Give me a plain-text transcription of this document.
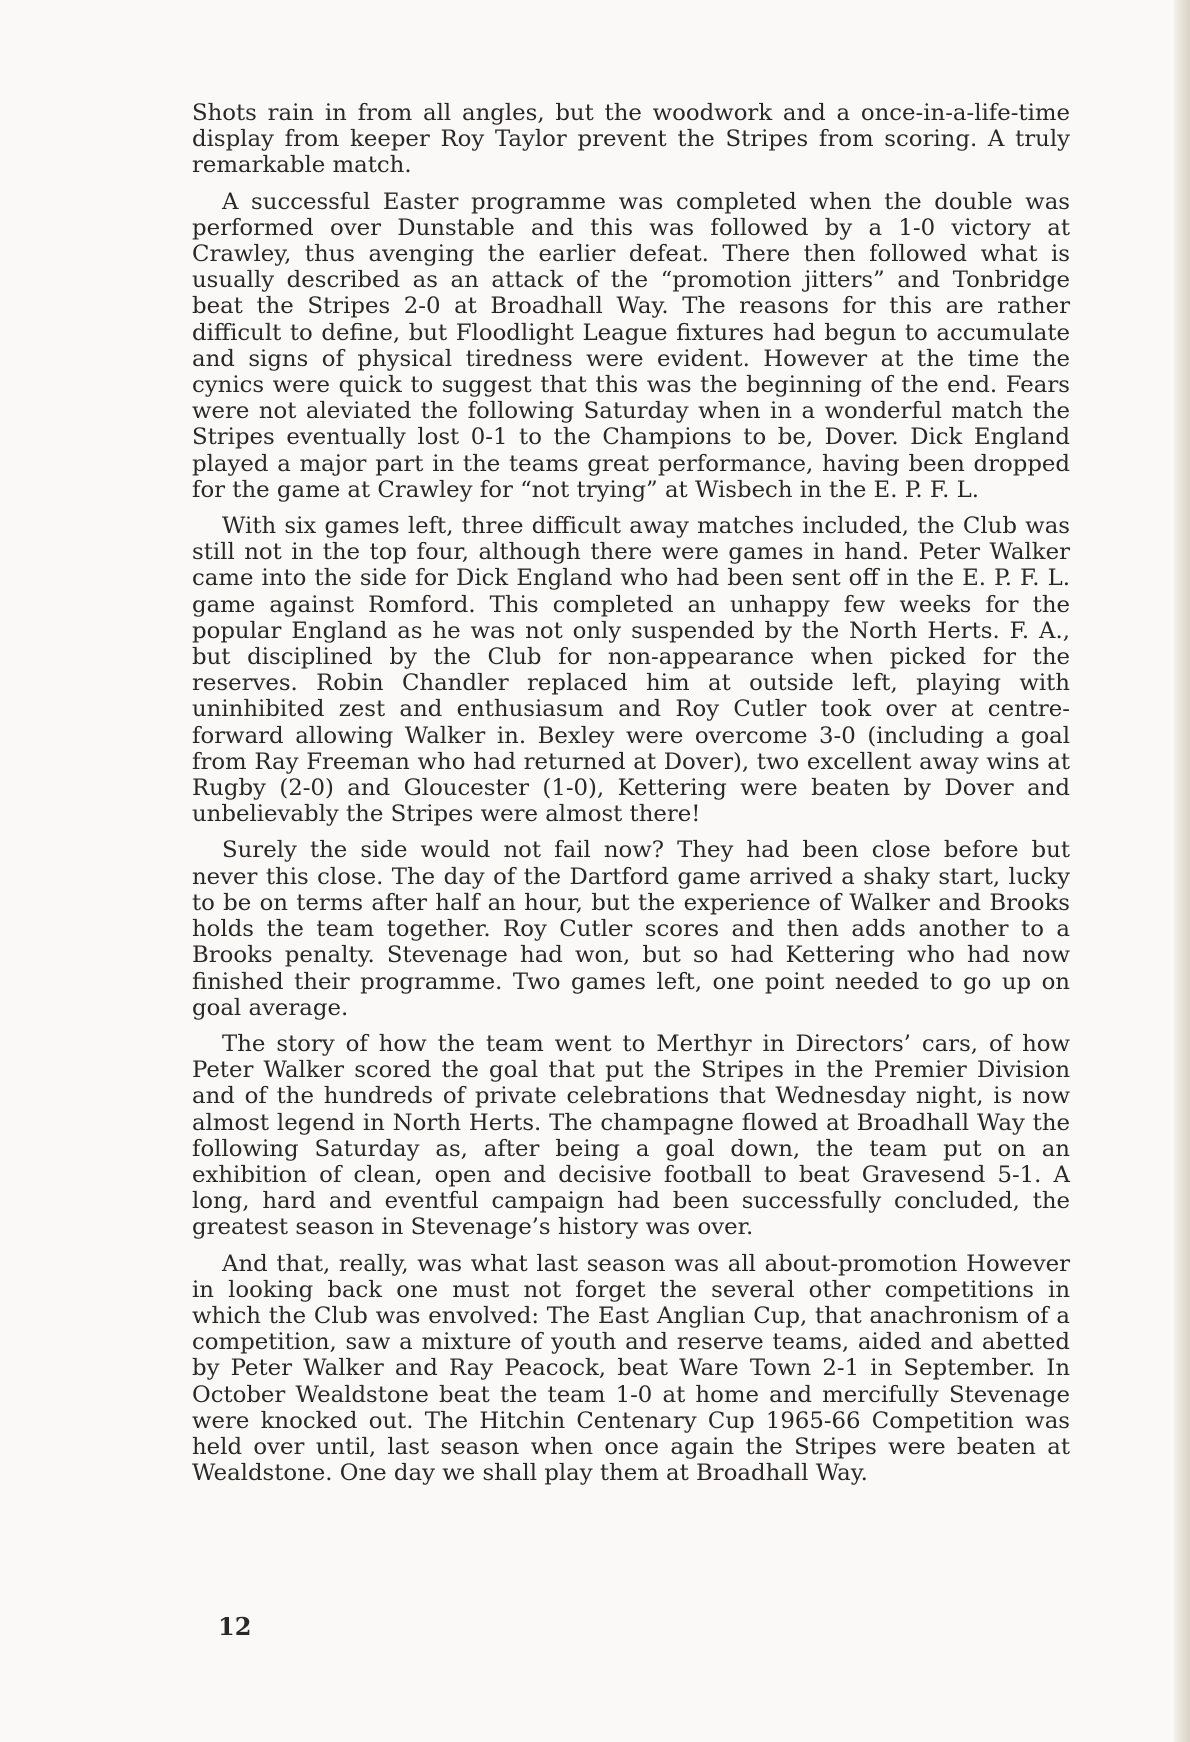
Shots rain in from all angles, but the woodwork and a once-in-a-life-time display from keeper Roy Taylor prevent the Stripes from scoring. A truly remarkable match.

A successful Easter programme was completed when the double was performed over Dunstable and this was followed by a 1-0 victory at Crawley, thus avenging the earlier defeat. There then followed what is usually described as an attack of the “promotion jitters” and Tonbridge beat the Stripes 2-0 at Broadhall Way. The reasons for this are rather difficult to define, but Floodlight League fixtures had begun to accumulate and signs of physical tiredness were evident. However at the time the cynics were quick to suggest that this was the beginning of the end. Fears were not aleviated the following Saturday when in a wonderful match the Stripes eventually lost 0-1 to the Champions to be, Dover. Dick England played a major part in the teams great performance, having been dropped for the game at Crawley for “not trying” at Wisbech in the E. P. F. L.

With six games left, three difficult away matches included, the Club was still not in the top four, although there were games in hand. Peter Walker came into the side for Dick England who had been sent off in the E. P. F. L. game against Romford. This completed an unhappy few weeks for the popular England as he was not only suspended by the North Herts. F. A., but disciplined by the Club for non-appearance when picked for the reserves. Robin Chandler replaced him at outside left, playing with uninhibited zest and enthusiasum and Roy Cutler took over at centre-forward allowing Walker in. Bexley were overcome 3-0 (including a goal from Ray Freeman who had returned at Dover), two excellent away wins at Rugby (2-0) and Gloucester (1-0), Kettering were beaten by Dover and unbelievably the Stripes were almost there!

Surely the side would not fail now? They had been close before but never this close. The day of the Dartford game arrived a shaky start, lucky to be on terms after half an hour, but the experience of Walker and Brooks holds the team together. Roy Cutler scores and then adds another to a Brooks penalty. Stevenage had won, but so had Kettering who had now finished their programme. Two games left, one point needed to go up on goal average.

The story of how the team went to Merthyr in Directors’ cars, of how Peter Walker scored the goal that put the Stripes in the Premier Division and of the hundreds of private celebrations that Wednesday night, is now almost legend in North Herts. The champagne flowed at Broadhall Way the following Saturday as, after being a goal down, the team put on an exhibition of clean, open and decisive football to beat Gravesend 5-1. A long, hard and eventful campaign had been successfully concluded, the greatest season in Stevenage’s history was over.

And that, really, was what last season was all about-promotion However in looking back one must not forget the several other competitions in which the Club was envolved: The East Anglian Cup, that anachronism of a competition, saw a mixture of youth and reserve teams, aided and abetted by Peter Walker and Ray Peacock, beat Ware Town 2-1 in September. In October Wealdstone beat the team 1-0 at home and mercifully Stevenage were knocked out. The Hitchin Centenary Cup 1965-66 Competition was held over until, last season when once again the Stripes were beaten at Wealdstone. One day we shall play them at Broadhall Way.

12
